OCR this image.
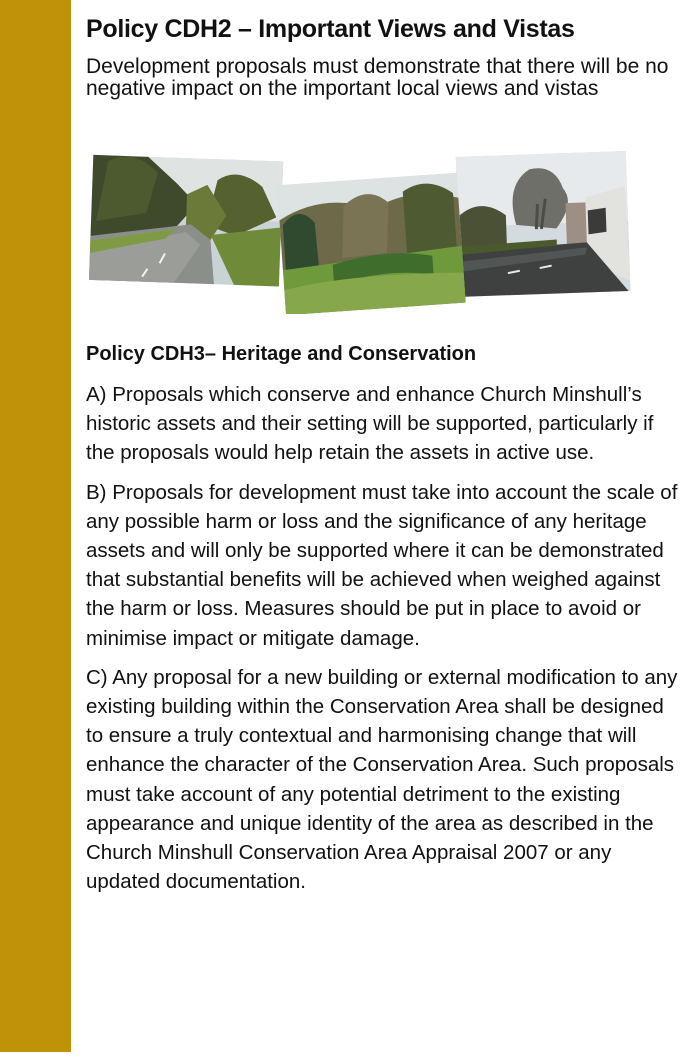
Policy CDH2 – Important Views and Vistas

Development proposals must demonstrate that there will be no negative impact on the important local views and vistas

Policy CDH3– Heritage and Conservation

A) Proposals which conserve and enhance Church Minshull’s historic assets and their setting will be supported, particularly if the proposals would help retain the assets in active use.

B) Proposals for development must take into account the scale of any possible harm or loss and the significance of any heritage assets and will only be supported where it can be demonstrated that substantial benefits will be achieved when weighed against the harm or loss. Measures should be put in place to avoid or minimise impact or mitigate damage.

C) Any proposal for a new building or external modification to any existing building within the Conservation Area shall be designed to ensure a truly contextual and harmonising change that will enhance the character of the Conservation Area. Such proposals must take account of any potential detriment to the existing appearance and unique identity of the area as described in the Church Minshull Conservation Area Appraisal 2007 or any updated documentation.
